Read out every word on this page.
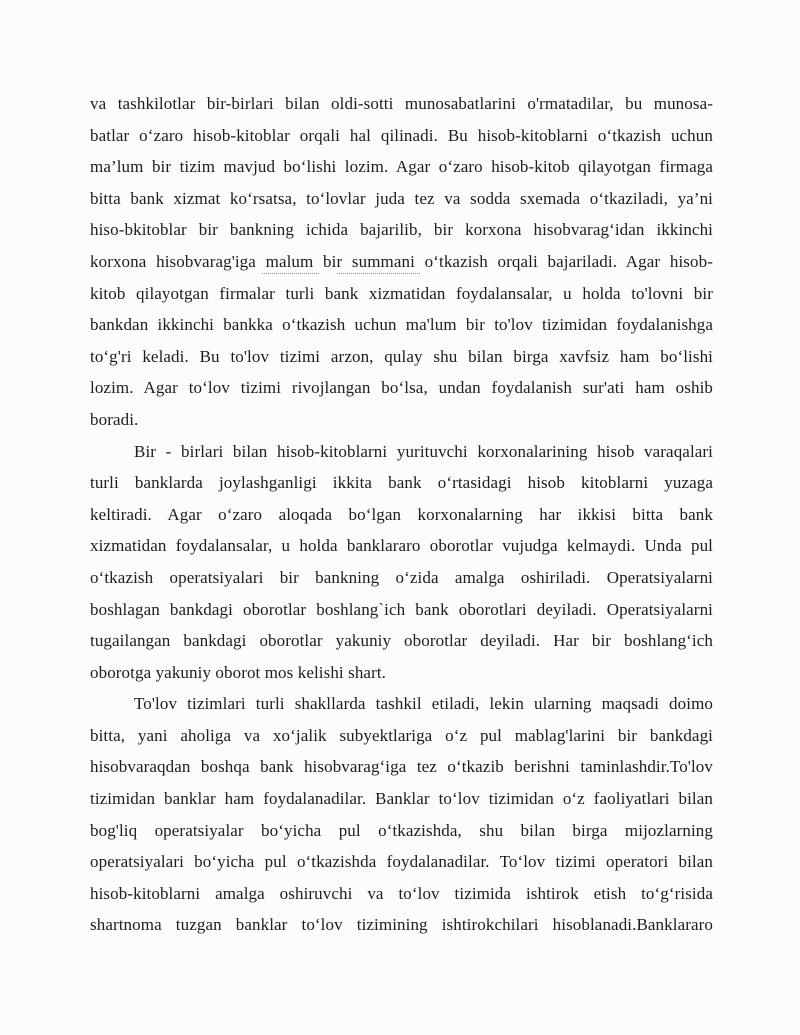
va tashkilotlar bir-birlari bilan oldi-sotti munosabatlarini o'rmatadilar, bu munosa-
batlar o‘zaro hisob-kitoblar orqali hal qilinadi. Bu hisob-kitoblarni o‘tkazish uchun
ma’lum bir tizim mavjud bo‘lishi lozim. Agar o‘zaro hisob-kitob qilayotgan firmaga
bitta bank xizmat ko‘rsatsa, to‘lovlar juda tez va sodda sxemada o‘tkaziladi, ya’ni
hiso-bkitoblar bir bankning ichida bajarilib, bir korxona hisobvarag‘idan ikkinchi
korxona hisobvarag'iga malum bir summani o‘tkazish orqali bajariladi. Agar hisob-
kitob qilayotgan firmalar turli bank xizmatidan foydalansalar, u holda to'lovni bir
bankdan ikkinchi bankka o‘tkazish uchun ma'lum bir to'lov tizimidan foydalanishga
to‘g'ri keladi. Bu to'lov tizimi arzon, qulay shu bilan birga xavfsiz ham bo‘lishi
lozim. Agar to‘lov tizimi rivojlangan bo‘lsa, undan foydalanish sur'ati ham oshib
boradi.
Bir - birlari bilan hisob-kitoblarni yurituvchi korxonalarining hisob varaqalari
turli banklarda joylashganligi ikkita bank o‘rtasidagi hisob kitoblarni yuzaga
keltiradi. Agar o‘zaro aloqada bo‘lgan korxonalarning har ikkisi bitta bank
xizmatidan foydalansalar, u holda banklararo oborotlar vujudga kelmaydi. Unda pul
o‘tkazish operatsiyalari bir bankning o‘zida amalga oshiriladi. Operatsiyalarni
boshlagan bankdagi oborotlar boshlang`ich bank oborotlari deyiladi. Operatsiyalarni
tugailangan bankdagi oborotlar yakuniy oborotlar deyiladi. Har bir boshlang‘ich
oborotga yakuniy oborot mos kelishi shart.
To'lov tizimlari turli shakllarda tashkil etiladi, lekin ularning maqsadi doimo
bitta, yani aholiga va xo‘jalik subyektlariga o‘z pul mablag'larini bir bankdagi
hisobvaraqdan boshqa bank hisobvarag‘iga tez o‘tkazib berishni taminlashdir.To'lov
tizimidan banklar ham foydalanadilar. Banklar to‘lov tizimidan o‘z faoliyatlari bilan
bog'liq operatsiyalar bo‘yicha pul o‘tkazishda, shu bilan birga mijozlarning
operatsiyalari bo‘yicha pul o‘tkazishda foydalanadilar. To‘lov tizimi operatori bilan
hisob-kitoblarni amalga oshiruvchi va to‘lov tizimida ishtirok etish to‘g‘risida
shartnoma tuzgan banklar to‘lov tizimining ishtirokchilari hisoblanadi.Banklararo
